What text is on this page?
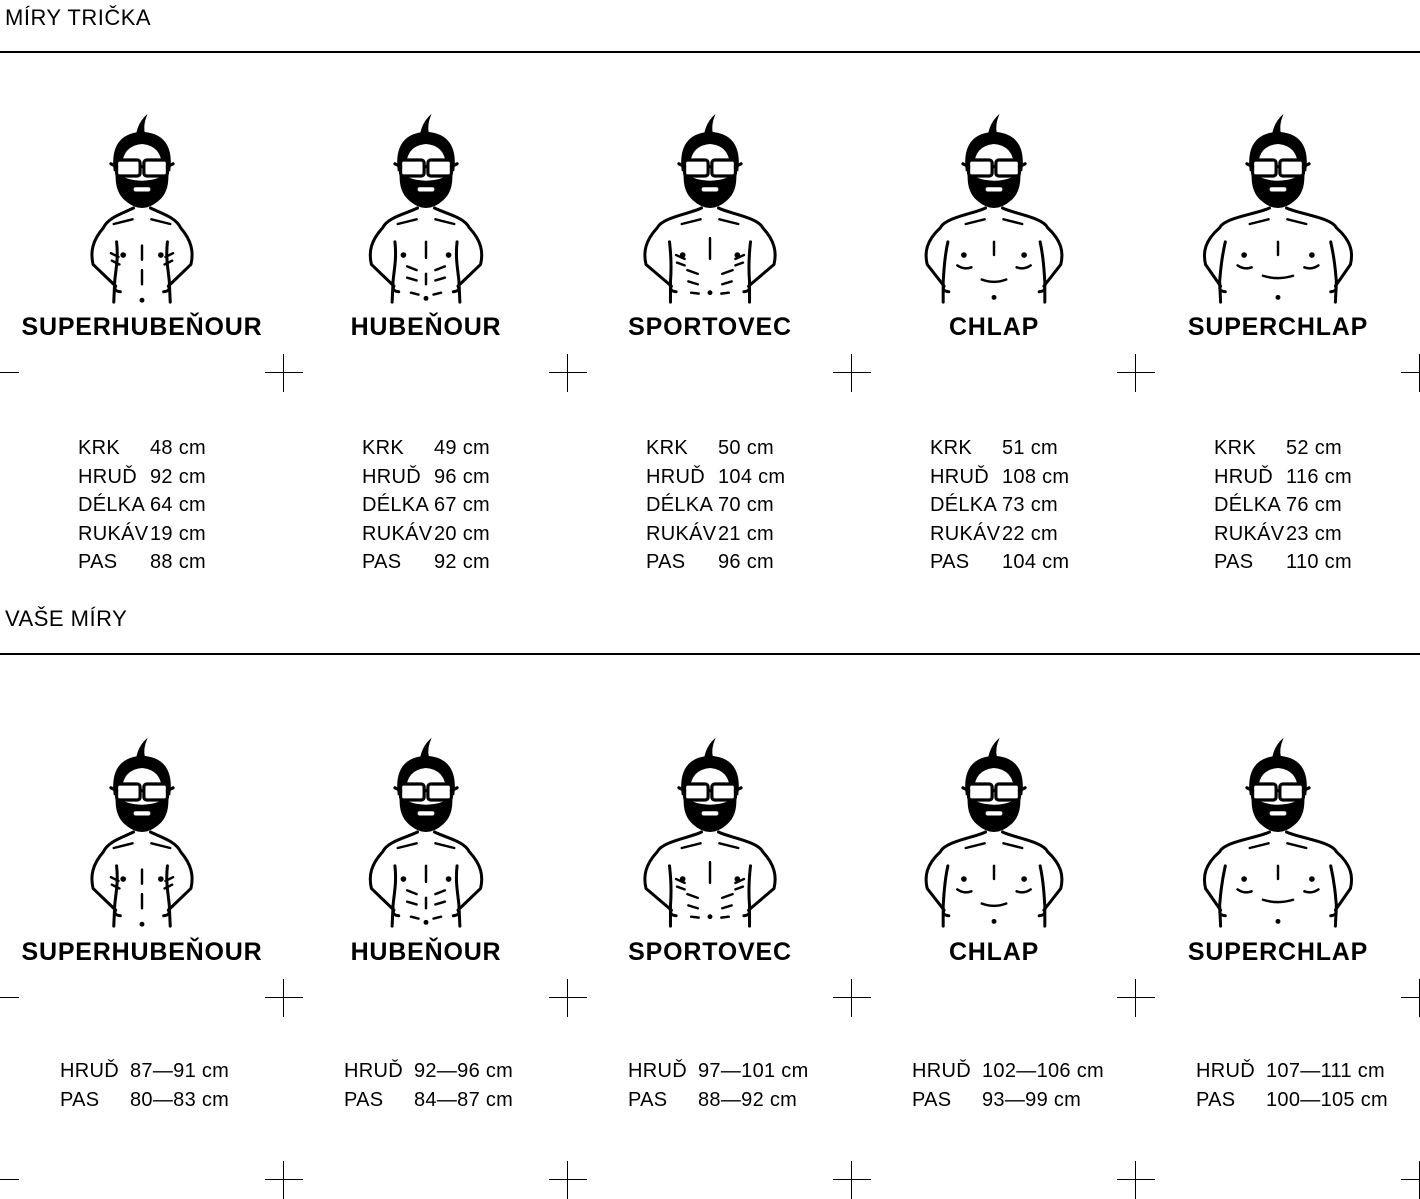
MÍRY TRIČKA
VAŠE MÍRY
SUPERHUBEŇOUR
KRK 48 cm
HRUĎ 92 cm
DÉLKA 64 cm
RUKÁV19 cm
PAS 88 cm
HUBEŇOUR
KRK 49 cm
HRUĎ 96 cm
DÉLKA 67 cm
RUKÁV20 cm
PAS 92 cm
SPORTOVEC
KRK 50 cm
HRUĎ 104 cm
DÉLKA 70 cm
RUKÁV21 cm
PAS 96 cm
CHLAP
KRK 51 cm
HRUĎ 108 cm
DÉLKA 73 cm
RUKÁV22 cm
PAS 104 cm
SUPERCHLAP
KRK 52 cm
HRUĎ 116 cm
DÉLKA 76 cm
RUKÁV23 cm
PAS 110 cm
SUPERHUBEŇOUR
HRUĎ 87—91 cm
PAS 80—83 cm
HUBEŇOUR
HRUĎ 92—96 cm
PAS 84—87 cm
SPORTOVEC
HRUĎ 97—101 cm
PAS 88—92 cm
CHLAP
HRUĎ 102—106 cm
PAS 93—99 cm
SUPERCHLAP
HRUĎ 107—111 cm
PAS 100—105 cm
